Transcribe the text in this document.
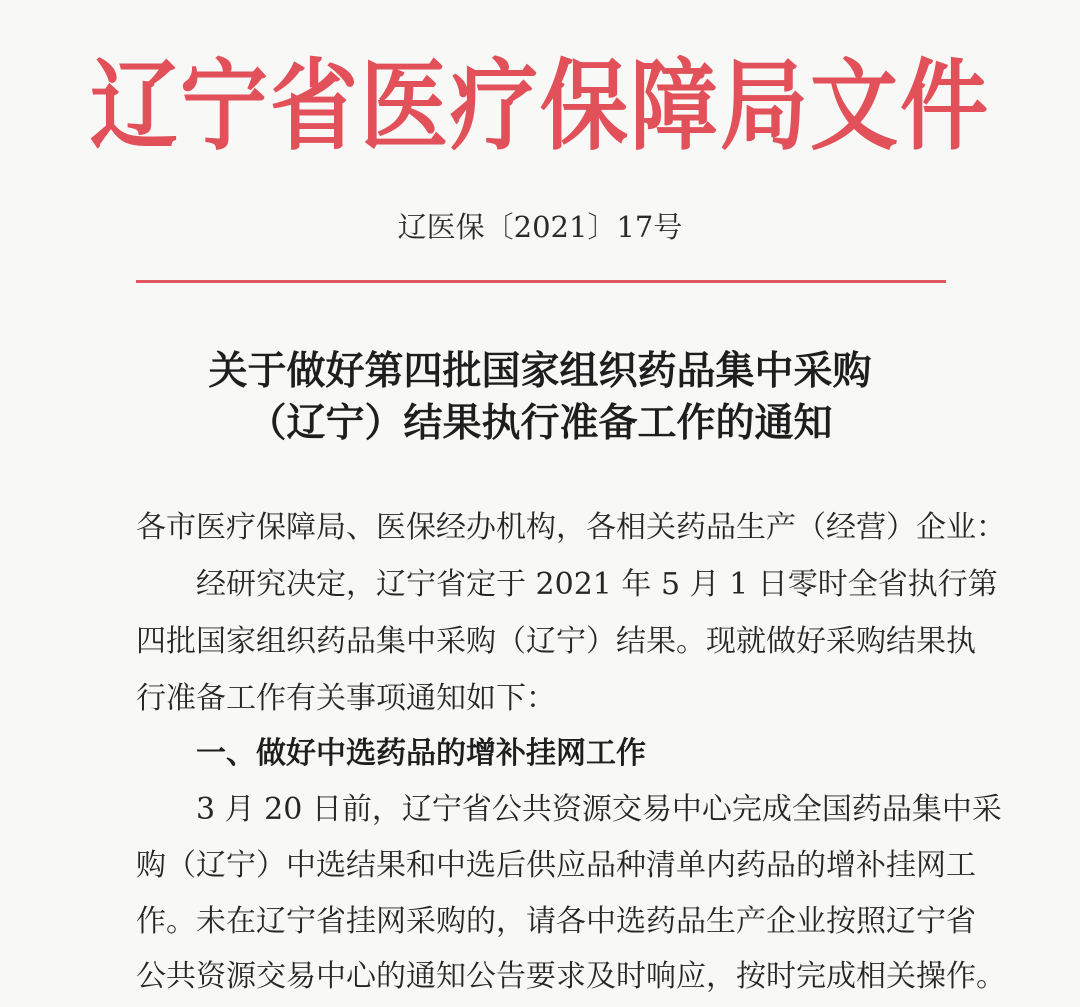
辽宁省医疗保障局文件
辽医保〔2021〕17号
关于做好第四批国家组织药品集中采购
（辽宁）结果执行准备工作的通知
各市医疗保障局、医保经办机构，各相关药品生产（经营）企业：
经研究决定，辽宁省定于 2021 年 5 月 1 日零时全省执行第
四批国家组织药品集中采购（辽宁）结果。现就做好采购结果执
行准备工作有关事项通知如下：
一、做好中选药品的增补挂网工作
3 月 20 日前，辽宁省公共资源交易中心完成全国药品集中采
购（辽宁）中选结果和中选后供应品种清单内药品的增补挂网工
作。未在辽宁省挂网采购的，请各中选药品生产企业按照辽宁省
公共资源交易中心的通知公告要求及时响应，按时完成相关操作。
